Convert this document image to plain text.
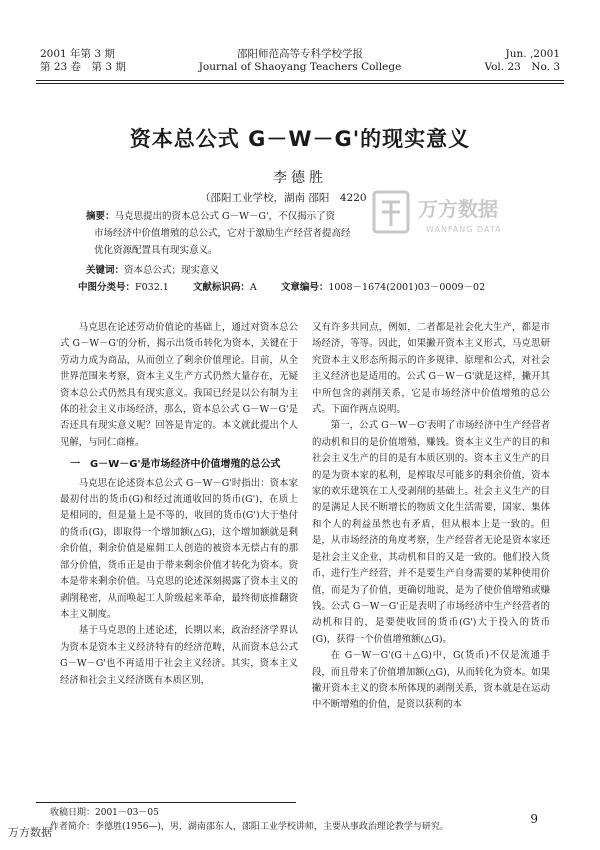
2001 年第 3 期
第 23 卷　第 3 期
邵阳师范高等专科学校学报
Journal of Shaoyang Teachers College
Jun. ,2001
Vol. 23　No. 3
资本总公式 G－W－G'的现实意义
李德胜
（邵阳工业学校，湖南 邵阳　4220	万方数据
WANFANG DATA
摘要：马克思提出的资本总公式 G－W－G'，不仅揭示了资
市场经济中价值增殖的总公式，它对于激励生产经营者提高经
优化资源配置具有现实意义。
关键词：资本总公式；现实意义
中图分类号：F032.1	文献标识码：A	文章编号：1008－1674(2001)03－0009－02

马克思在论述劳动价值论的基础上，通过对资本总公式 G－W－G'的分析，揭示出货币转化为资本，关键在于劳动力成为商品，从而创立了剩余价值理论。目前，从全世界范围来考察，资本主义生产方式仍然大量存在，无疑资本总公式仍然具有现实意义。我国已经是以公有制为主体的社会主义市场经济，那么，资本总公式 G－W－G'是否还具有现实意义呢？回答是肯定的。本文就此提出个人见解，与同仁商榷。

一　G－W－G'是市场经济中价值增殖的总公式

马克思在论述资本总公式 G－W－G'时指出：资本家最初付出的货币(G)和经过流通收回的货币(G')，在质上是相同的，但是量上是不等的，收回的货币(G')大于垫付的货币(G)，即取得一个增加额(△G)，这个增加额就是剩余价值，剩余价值是雇佣工人创造的被资本无偿占有的那部分价值，货币正是由于带来剩余价值才转化为资本。资本是带来剩余价值。马克思的论述深刻揭露了资本主义的剥削秘密，从而唤起工人阶级起来革命，最终彻底推翻资本主义制度。

基于马克思的上述论述，长期以来，政治经济学界认为资本是资本主义经济特有的经济范畴，从而资本总公式 G－W－G'也不再适用于社会主义经济。其实，资本主义经济和社会主义经济既有本质区别，

又有许多共同点，例如，二者都是社会化大生产，都是市场经济，等等。因此，如果撇开资本主义形式，马克思研究资本主义形态所揭示的许多规律、原理和公式，对社会主义经济也是适用的。公式 G－W－G'就是这样，撇开其中所包含的剥削关系，它是市场经济中价值增殖的总公式。下面作两点说明。

第一，公式 G－W－G'表明了市场经济中生产经营者的动机和目的是价值增殖，赚钱。资本主义生产的目的和社会主义生产的目的是有本质区别的。资本主义生产的目的是为资本家的私利，是榨取尽可能多的剩余价值，资本家的欢乐建筑在工人受剥削的基础上。社会主义生产的目的是满足人民不断增长的物质文化生活需要，国家、集体和个人的利益虽然也有矛盾，但从根本上是一致的。但是，从市场经济的角度考察，生产经营者无论是资本家还是社会主义企业，其动机和目的又是一致的。他们投入货币，进行生产经营，并不是要生产自身需要的某种使用价值，而是为了价值，更确切地说，是为了使价值增殖或赚钱。公式 G－W－G'正是表明了市场经济中生产经营者的动机和目的，是要使收回的货币(G')大于投入的货币(G)，获得一个价值增殖额(△G)。

在 G－W－G'(G＋△G)中，G(货币)不仅是流通手段，而且带来了价值增加额(△G)，从而转化为资本。如果撇开资本主义的资本所体现的剥削关系，资本就是在运动中不断增殖的价值，是资以获利的本

收稿日期：2001－03－05
作者简介：李德胜(1956—)，男，湖南邵东人，邵阳工业学校讲师，主要从事政治理论教学与研究。
9
万方数据
